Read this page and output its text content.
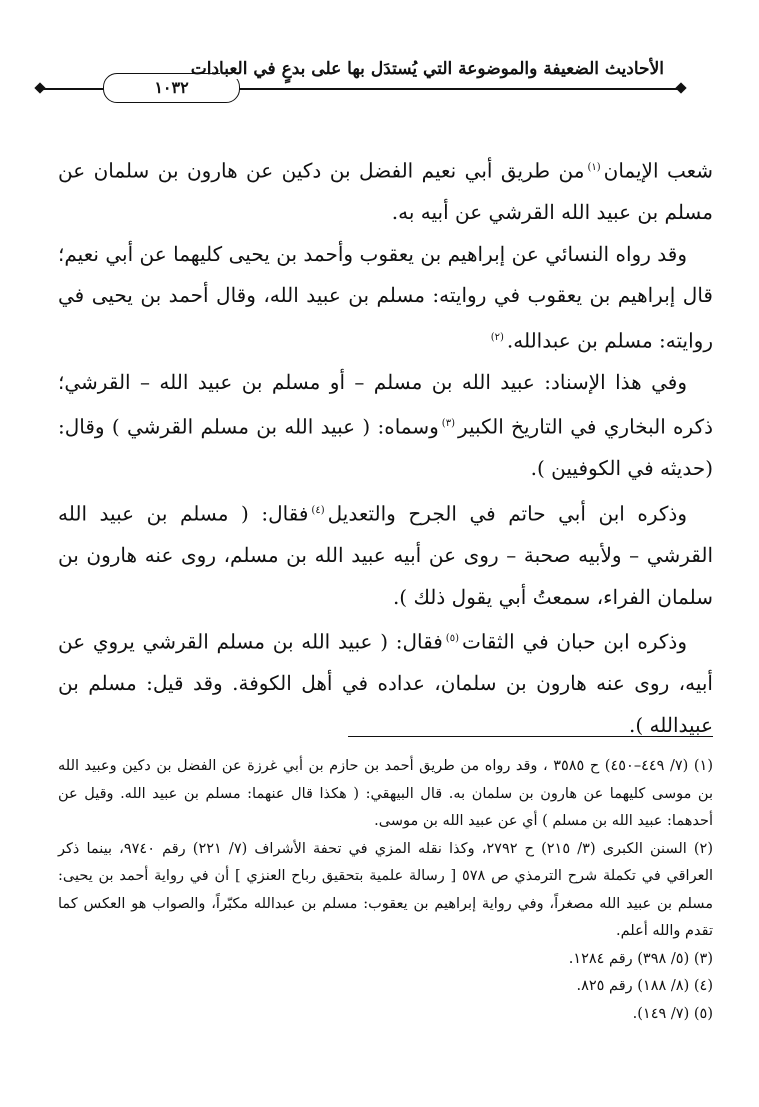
١٠٣٢
الأحاديث الضعيفة والموضوعة التي يُستدَل بها على بدعٍ في العبادات

شعب الإيمان$^{(١)}$من طريق أبي نعيم الفضل بن دكين عن هارون بن سلمان عن مسلم بن عبيد الله القرشي عن أبيه به.

وقد رواه النسائي عن إبراهيم بن يعقوب وأحمد بن يحيى كليهما عن أبي نعيم؛ قال إبراهيم بن يعقوب في روايته: مسلم بن عبيد الله، وقال أحمد بن يحيى في روايته: مسلم بن عبدالله.$^{(٢)}$

وفي هذا الإسناد: عبيد الله بن مسلم – أو مسلم بن عبيد الله – القرشي؛ ذكره البخاري في التاريخ الكبير$^{(٣)}$وسماه: ( عبيد الله بن مسلم القرشي ) وقال: (حديثه في الكوفيين ).

وذكره ابن أبي حاتم في الجرح والتعديل$^{(٤)}$فقال: ( مسلم بن عبيد الله القرشي – ولأبيه صحبة – روى عن أبيه عبيد الله بن مسلم، روى عنه هارون بن سلمان الفراء، سمعتُ أبي يقول ذلك ).

وذكره ابن حبان في الثقات$^{(٥)}$فقال: ( عبيد الله بن مسلم القرشي يروي عن أبيه، روى عنه هارون بن سلمان، عداده في أهل الكوفة. وقد قيل: مسلم بن عبيدالله ).

(١) (٧/ ٤٤٩–٤٥٠) ح ٣٥٨٥ ، وقد رواه من طريق أحمد بن حازم بن أبي غرزة عن الفضل بن دكين وعبيد الله بن موسى كليهما عن هارون بن سلمان به. قال البيهقي: ( هكذا قال عنهما: مسلم بن عبيد الله. وقيل عن أحدهما: عبيد الله بن مسلم ) أي عن عبيد الله بن موسى.

(٢) السنن الكبرى (٣/ ٢١٥) ح ٢٧٩٢، وكذا نقله المزي في تحفة الأشراف (٧/ ٢٢١) رقم ٩٧٤٠، بينما ذكر العراقي في تكملة شرح الترمذي ص ٥٧٨ [ رسالة علمية بتحقيق رباح العنزي ] أن في رواية أحمد بن يحيى: مسلم بن عبيد الله مصغراً، وفي رواية إبراهيم بن يعقوب: مسلم بن عبدالله مكبّراً، والصواب هو العكس كما تقدم والله أعلم.

(٣) (٥/ ٣٩٨) رقم ١٢٨٤.

(٤) (٨/ ١٨٨) رقم ٨٢٥.

(٥) (٧/ ١٤٩).
